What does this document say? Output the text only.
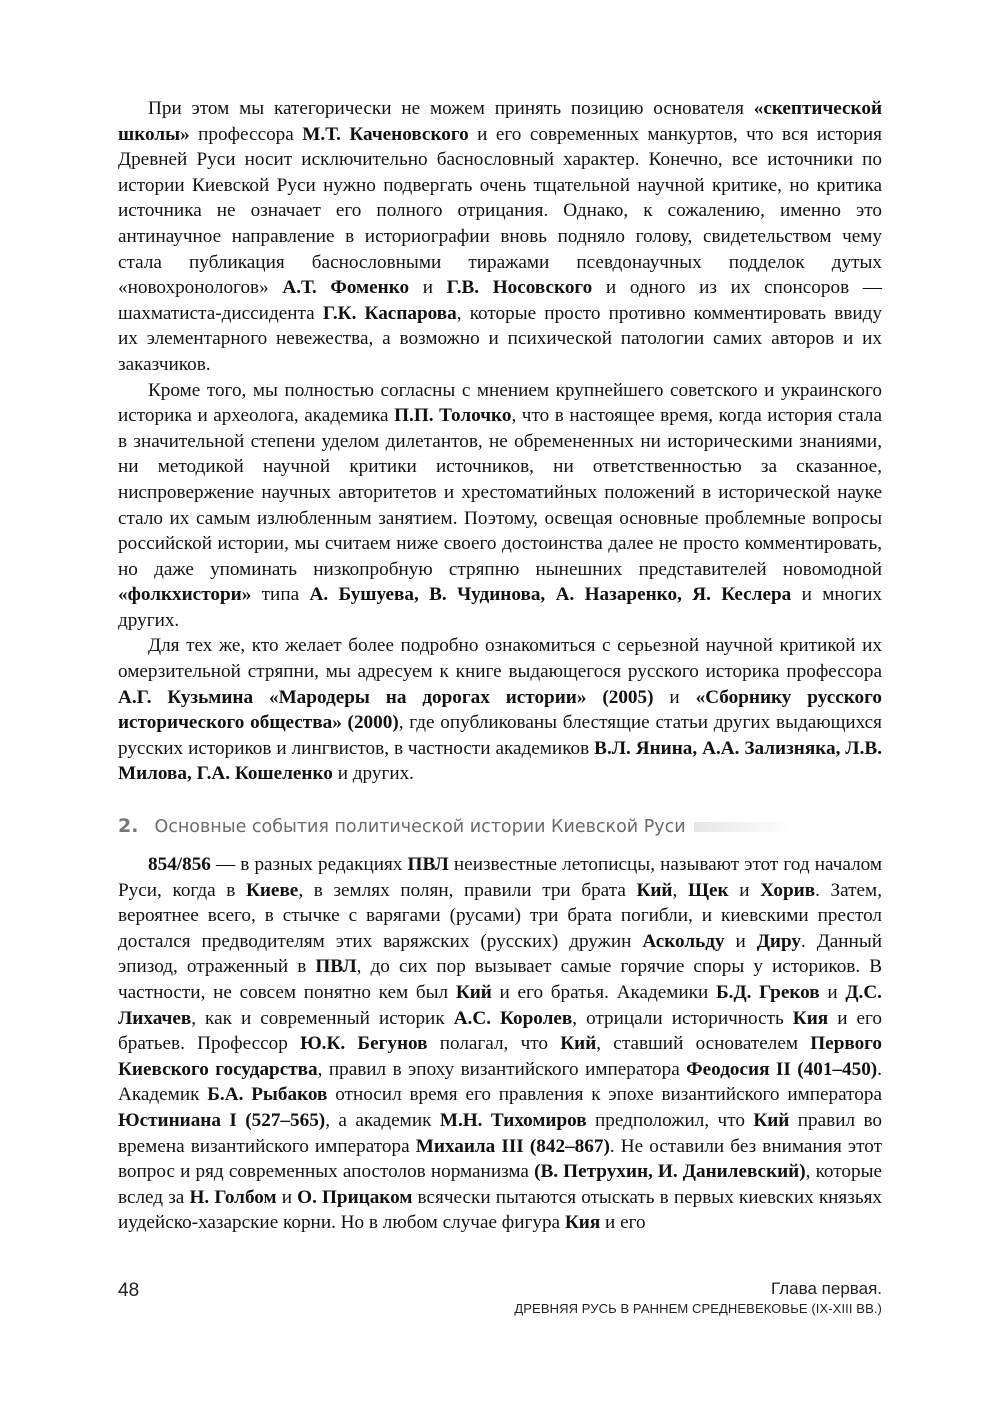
При этом мы категорически не можем принять позицию основателя «скептической школы» профессора М.Т. Каченовского и его современных манкуртов, что вся история Древней Руси носит исключительно баснословный характер. Конечно, все источники по истории Киевской Руси нужно подвергать очень тщательной научной критике, но критика источника не означает его полного отрицания. Однако, к сожалению, именно это антинаучное направление в историографии вновь подняло голову, свидетельством чему стала публикация баснословными тиражами псевдонаучных подделок дутых «новохронологов» А.Т. Фоменко и Г.В. Носовского и одного из их спонсоров — шахматиста-диссидента Г.К. Каспарова, которые просто противно комментировать ввиду их элементарного невежества, а возможно и психической патологии самих авторов и их заказчиков.

Кроме того, мы полностью согласны с мнением крупнейшего советского и украинского историка и археолога, академика П.П. Толочко, что в настоящее время, когда история стала в значительной степени уделом дилетантов, не обремененных ни историческими знаниями, ни методикой научной критики источников, ни ответственностью за сказанное, ниспровержение научных авторитетов и хрестоматийных положений в исторической науке стало их самым излюбленным занятием. Поэтому, освещая основные проблемные вопросы российской истории, мы считаем ниже своего достоинства далее не просто комментировать, но даже упоминать низкопробную стряпню нынешних представителей новомодной «фолкхистори» типа А. Бушуева, В. Чудинова, А. Назаренко, Я. Кеслера и многих других.

Для тех же, кто желает более подробно ознакомиться с серьезной научной критикой их омерзительной стряпни, мы адресуем к книге выдающегося русского историка профессора А.Г. Кузьмина «Мародеры на дорогах истории» (2005) и «Сборнику русского исторического общества» (2000), где опубликованы блестящие статьи других выдающихся русских историков и лингвистов, в частности академиков В.Л. Янина, А.А. Зализняка, Л.В. Милова, Г.А. Кошеленко и других.

2. Основные события политической истории Киевской Руси

854/856 — в разных редакциях ПВЛ неизвестные летописцы, называют этот год началом Руси, когда в Киеве, в землях полян, правили три брата Кий, Щек и Хорив. Затем, вероятнее всего, в стычке с варягами (русами) три брата погибли, и киевскими престол достался предводителям этих варяжских (русских) дружин Аскольду и Диру. Данный эпизод, отраженный в ПВЛ, до сих пор вызывает самые горячие споры у историков. В частности, не совсем понятно кем был Кий и его братья. Академики Б.Д. Греков и Д.С. Лихачев, как и современный историк А.С. Королев, отрицали историчность Кия и его братьев. Профессор Ю.К. Бегунов полагал, что Кий, ставший основателем Первого Киевского государства, правил в эпоху византийского императора Феодосия II (401–450). Академик Б.А. Рыбаков относил время его правления к эпохе византийского императора Юстиниана I (527–565), а академик М.Н. Тихомиров предположил, что Кий правил во времена византийского императора Михаила III (842–867). Не оставили без внимания этот вопрос и ряд современных апостолов норманизма (В. Петрухин, И. Данилевский), которые вслед за Н. Голбом и О. Прицаком всячески пытаются отыскать в первых киевских князьях иудейско-хазарские корни. Но в любом случае фигура Кия и его

48	Глава первая.
ДРЕВНЯЯ РУСЬ В РАННЕМ СРЕДНЕВЕКОВЬЕ (IX-XIII ВВ.)
